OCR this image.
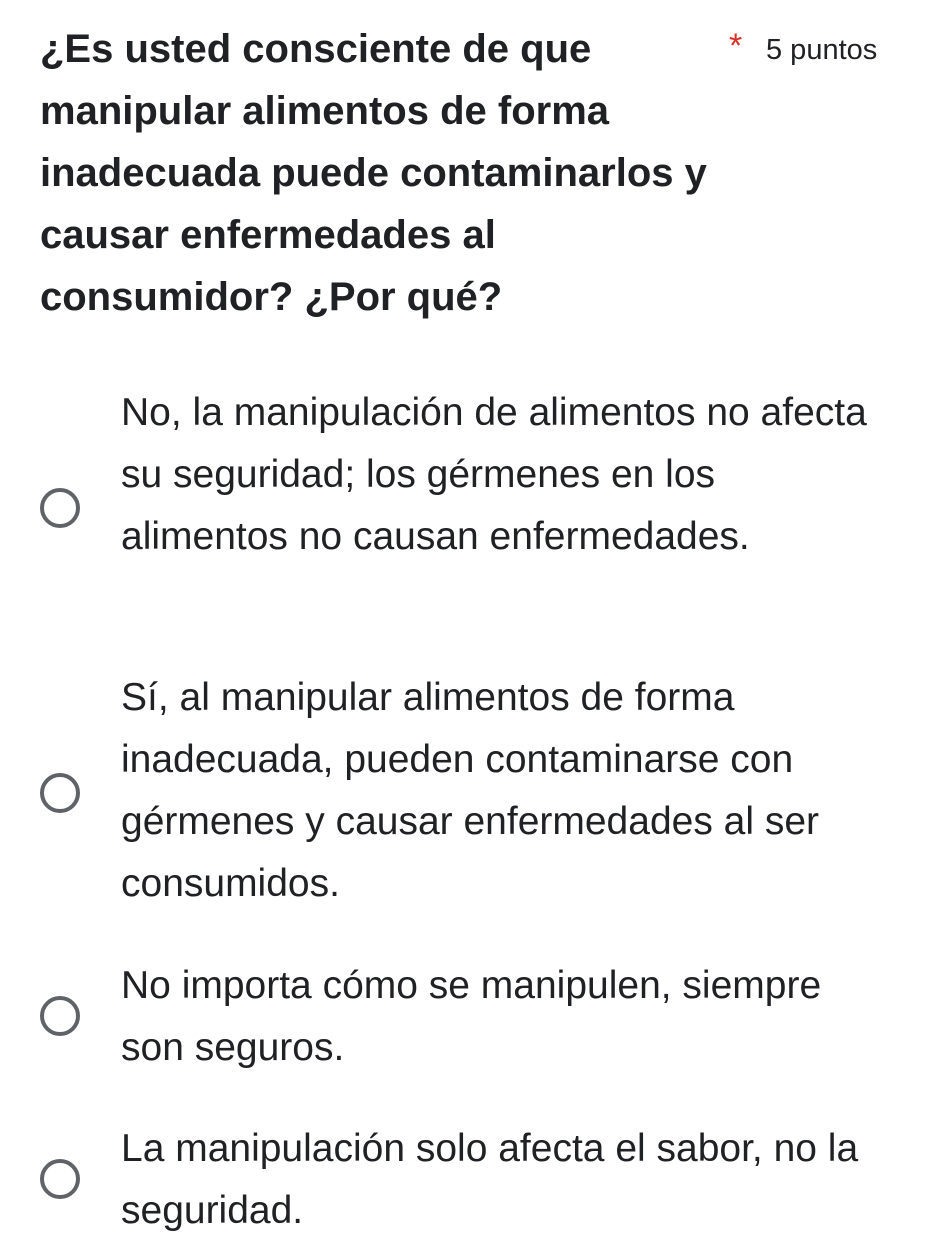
¿Es usted consciente de que manipular alimentos de forma inadecuada puede contaminarlos y causar enfermedades al consumidor? ¿Por qué?
* 5 puntos
No, la manipulación de alimentos no afecta su seguridad; los gérmenes en los alimentos no causan enfermedades.
Sí, al manipular alimentos de forma inadecuada, pueden contaminarse con gérmenes y causar enfermedades al ser consumidos.
No importa cómo se manipulen, siempre son seguros.
La manipulación solo afecta el sabor, no la seguridad.
